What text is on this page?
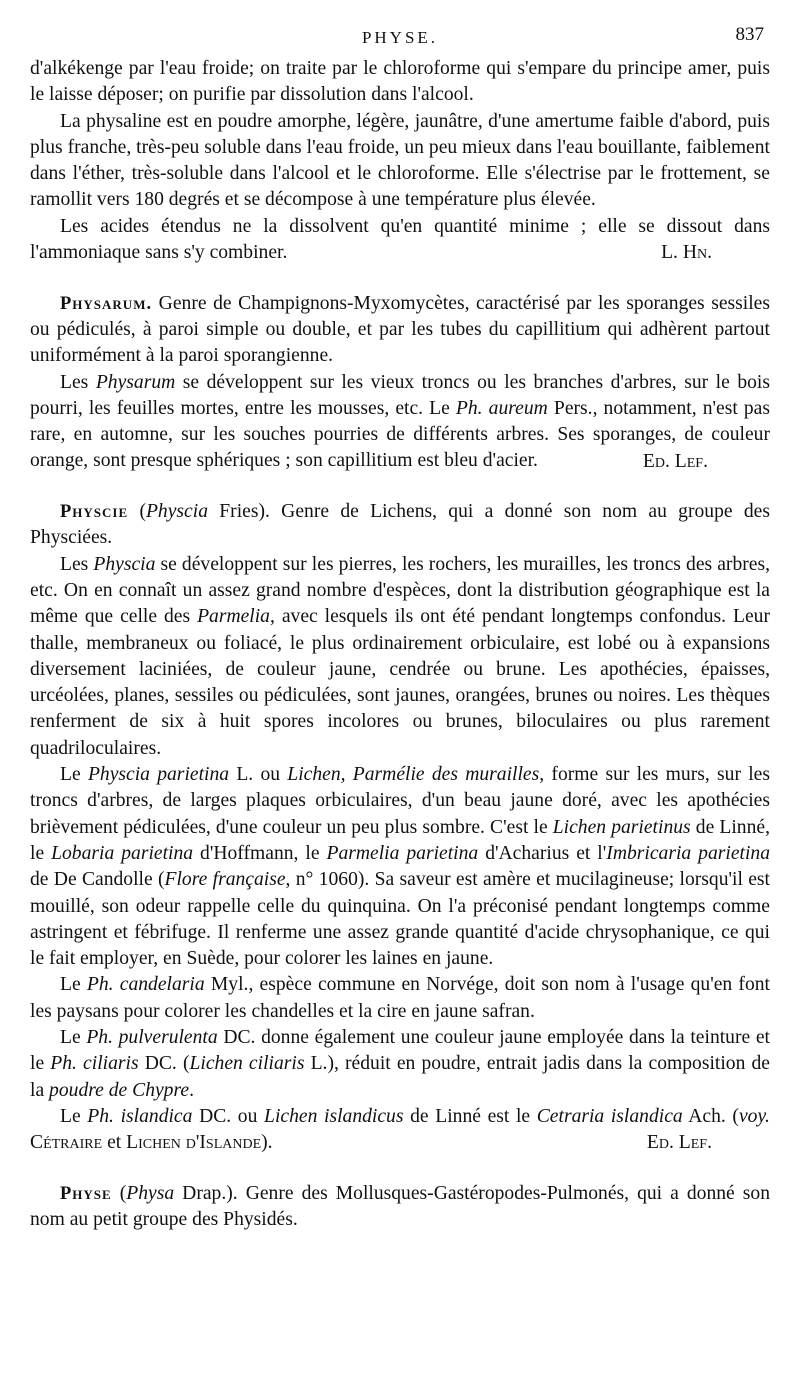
PHYSE.	837

d'alkékenge par l'eau froide; on traite par le chloroforme qui s'empare du principe amer, puis le laisse déposer; on purifie par dissolution dans l'alcool.

La physaline est en poudre amorphe, légère, jaunâtre, d'une amertume faible d'abord, puis plus franche, très-peu soluble dans l'eau froide, un peu mieux dans l'eau bouillante, faiblement dans l'éther, très-soluble dans l'alcool et le chloroforme. Elle s'électrise par le frottement, se ramollit vers 180 degrés et se décompose à une température plus élevée.

Les acides étendus ne la dissolvent qu'en quantité minime ; elle se dissout dans l'ammoniaque sans s'y combiner.	L. Hn.

Physarum. Genre de Champignons-Myxomycètes, caractérisé par les sporanges sessiles ou pédiculés, à paroi simple ou double, et par les tubes du capillitium qui adhèrent partout uniformément à la paroi sporangienne.

Les Physarum se développent sur les vieux troncs ou les branches d'arbres, sur le bois pourri, les feuilles mortes, entre les mousses, etc. Le Ph. aureum Pers., notamment, n'est pas rare, en automne, sur les souches pourries de différents arbres. Ses sporanges, de couleur orange, sont presque sphériques ; son capillitium est bleu d'acier.	Ed. Lef.

Physcie (Physcia Fries). Genre de Lichens, qui a donné son nom au groupe des Physciées.

Les Physcia se développent sur les pierres, les rochers, les murailles, les troncs des arbres, etc. On en connaît un assez grand nombre d'espèces, dont la distribution géographique est la même que celle des Parmelia, avec lesquels ils ont été pendant longtemps confondus. Leur thalle, membraneux ou foliacé, le plus ordinairement orbiculaire, est lobé ou à expansions diversement laciniées, de couleur jaune, cendrée ou brune. Les apothécies, épaisses, urcéolées, planes, sessiles ou pédiculées, sont jaunes, orangées, brunes ou noires. Les thèques renferment de six à huit spores incolores ou brunes, biloculaires ou plus rarement quadriloculaires.

Le Physcia parietina L. ou Lichen, Parmélie des murailles, forme sur les murs, sur les troncs d'arbres, de larges plaques orbiculaires, d'un beau jaune doré, avec les apothécies brièvement pédiculées, d'une couleur un peu plus sombre. C'est le Lichen parietinus de Linné, le Lobaria parietina d'Hoffmann, le Parmelia parietina d'Acharius et l'Imbricaria parietina de De Candolle (Flore française, n° 1060). Sa saveur est amère et mucilagineuse; lorsqu'il est mouillé, son odeur rappelle celle du quinquina. On l'a préconisé pendant longtemps comme astringent et fébrifuge. Il renferme une assez grande quantité d'acide chrysophanique, ce qui le fait employer, en Suède, pour colorer les laines en jaune.

Le Ph. candelaria Myl., espèce commune en Norvége, doit son nom à l'usage qu'en font les paysans pour colorer les chandelles et la cire en jaune safran.

Le Ph. pulverulenta DC. donne également une couleur jaune employée dans la teinture et le Ph. ciliaris DC. (Lichen ciliaris L.), réduit en poudre, entrait jadis dans la composition de la poudre de Chypre.

Le Ph. islandica DC. ou Lichen islandicus de Linné est le Cetraria islandica Ach. (voy. Cétraire et Lichen d'Islande).	Ed. Lef.

Physe (Physa Drap.). Genre des Mollusques-Gastéropodes-Pulmonés, qui a donné son nom au petit groupe des Physidés.
